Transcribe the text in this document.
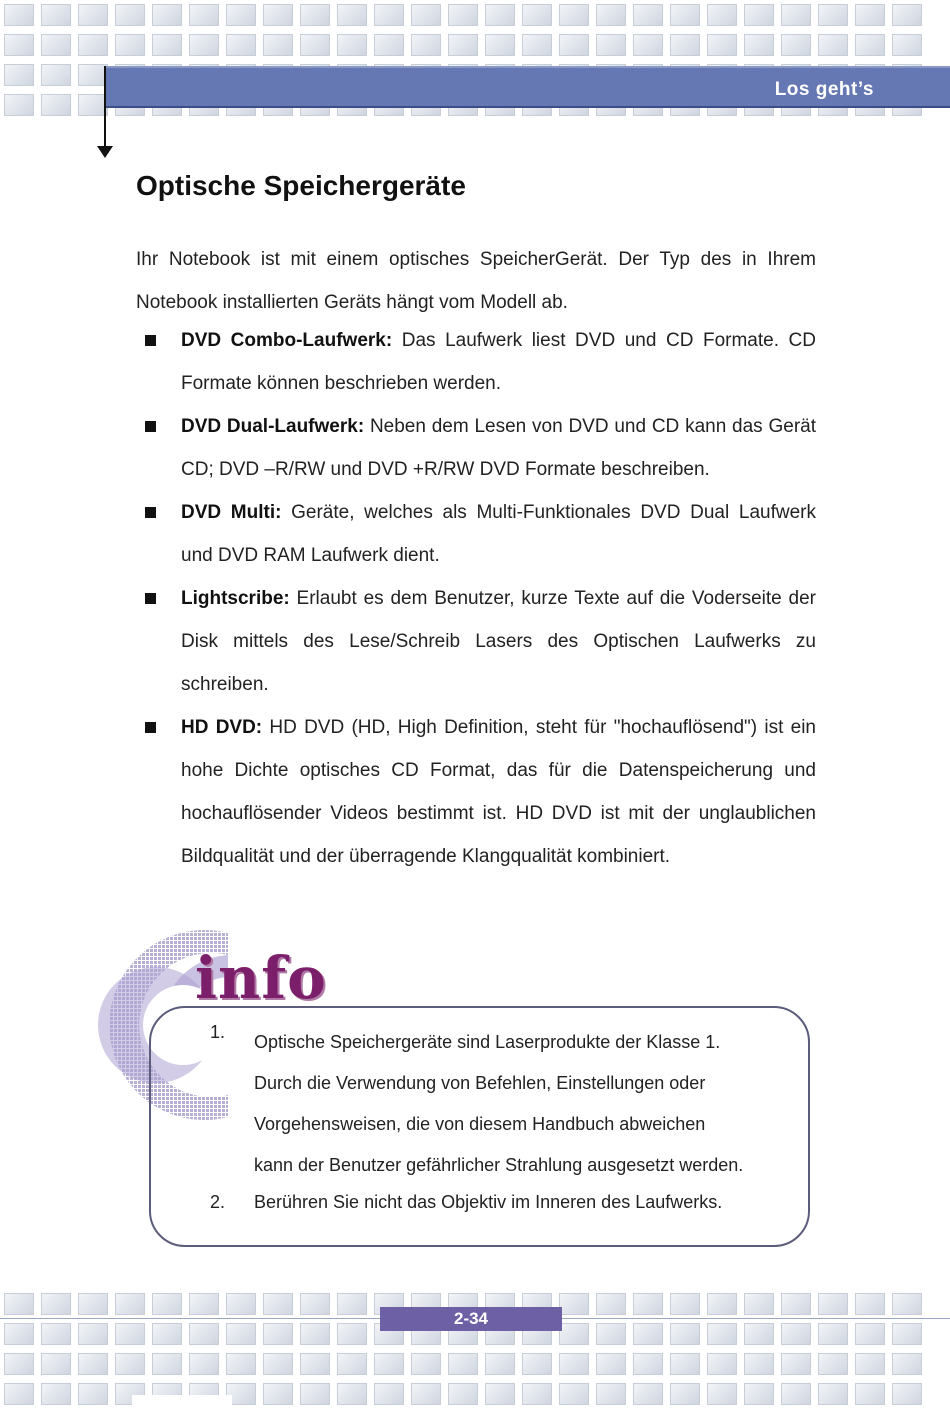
Los geht’s
Optische Speichergeräte

Ihr Notebook ist mit einem optisches SpeicherGerät. Der Typ des in Ihrem Notebook installierten Geräts hängt vom Modell ab.

DVD Combo-Laufwerk: Das Laufwerk liest DVD und CD Formate. CD Formate können beschrieben werden.
DVD Dual-Laufwerk: Neben dem Lesen von DVD und CD kann das Gerät CD; DVD –R/RW und DVD +R/RW DVD Formate beschreiben.
DVD Multi: Geräte, welches als Multi-Funktionales DVD Dual Laufwerk und DVD RAM Laufwerk dient.
Lightscribe: Erlaubt es dem Benutzer, kurze Texte auf die Voderseite der Disk mittels des Lese/Schreib Lasers des Optischen Laufwerks zu schreiben.
HD DVD: HD DVD (HD, High Definition, steht für "hochauflösend") ist ein hohe Dichte optisches CD Format, das für die Datenspeicherung und hochauflösender Videos bestimmt ist. HD DVD ist mit der unglaublichen Bildqualität und der überragende Klangqualität kombiniert.
info
1. Optische Speichergeräte sind Laserprodukte der Klasse 1.
Durch die Verwendung von Befehlen, Einstellungen oder
Vorgehensweisen, die von diesem Handbuch abweichen
kann der Benutzer gefährlicher Strahlung ausgesetzt werden.
2. Berühren Sie nicht das Objektiv im Inneren des Laufwerks.
2-34
